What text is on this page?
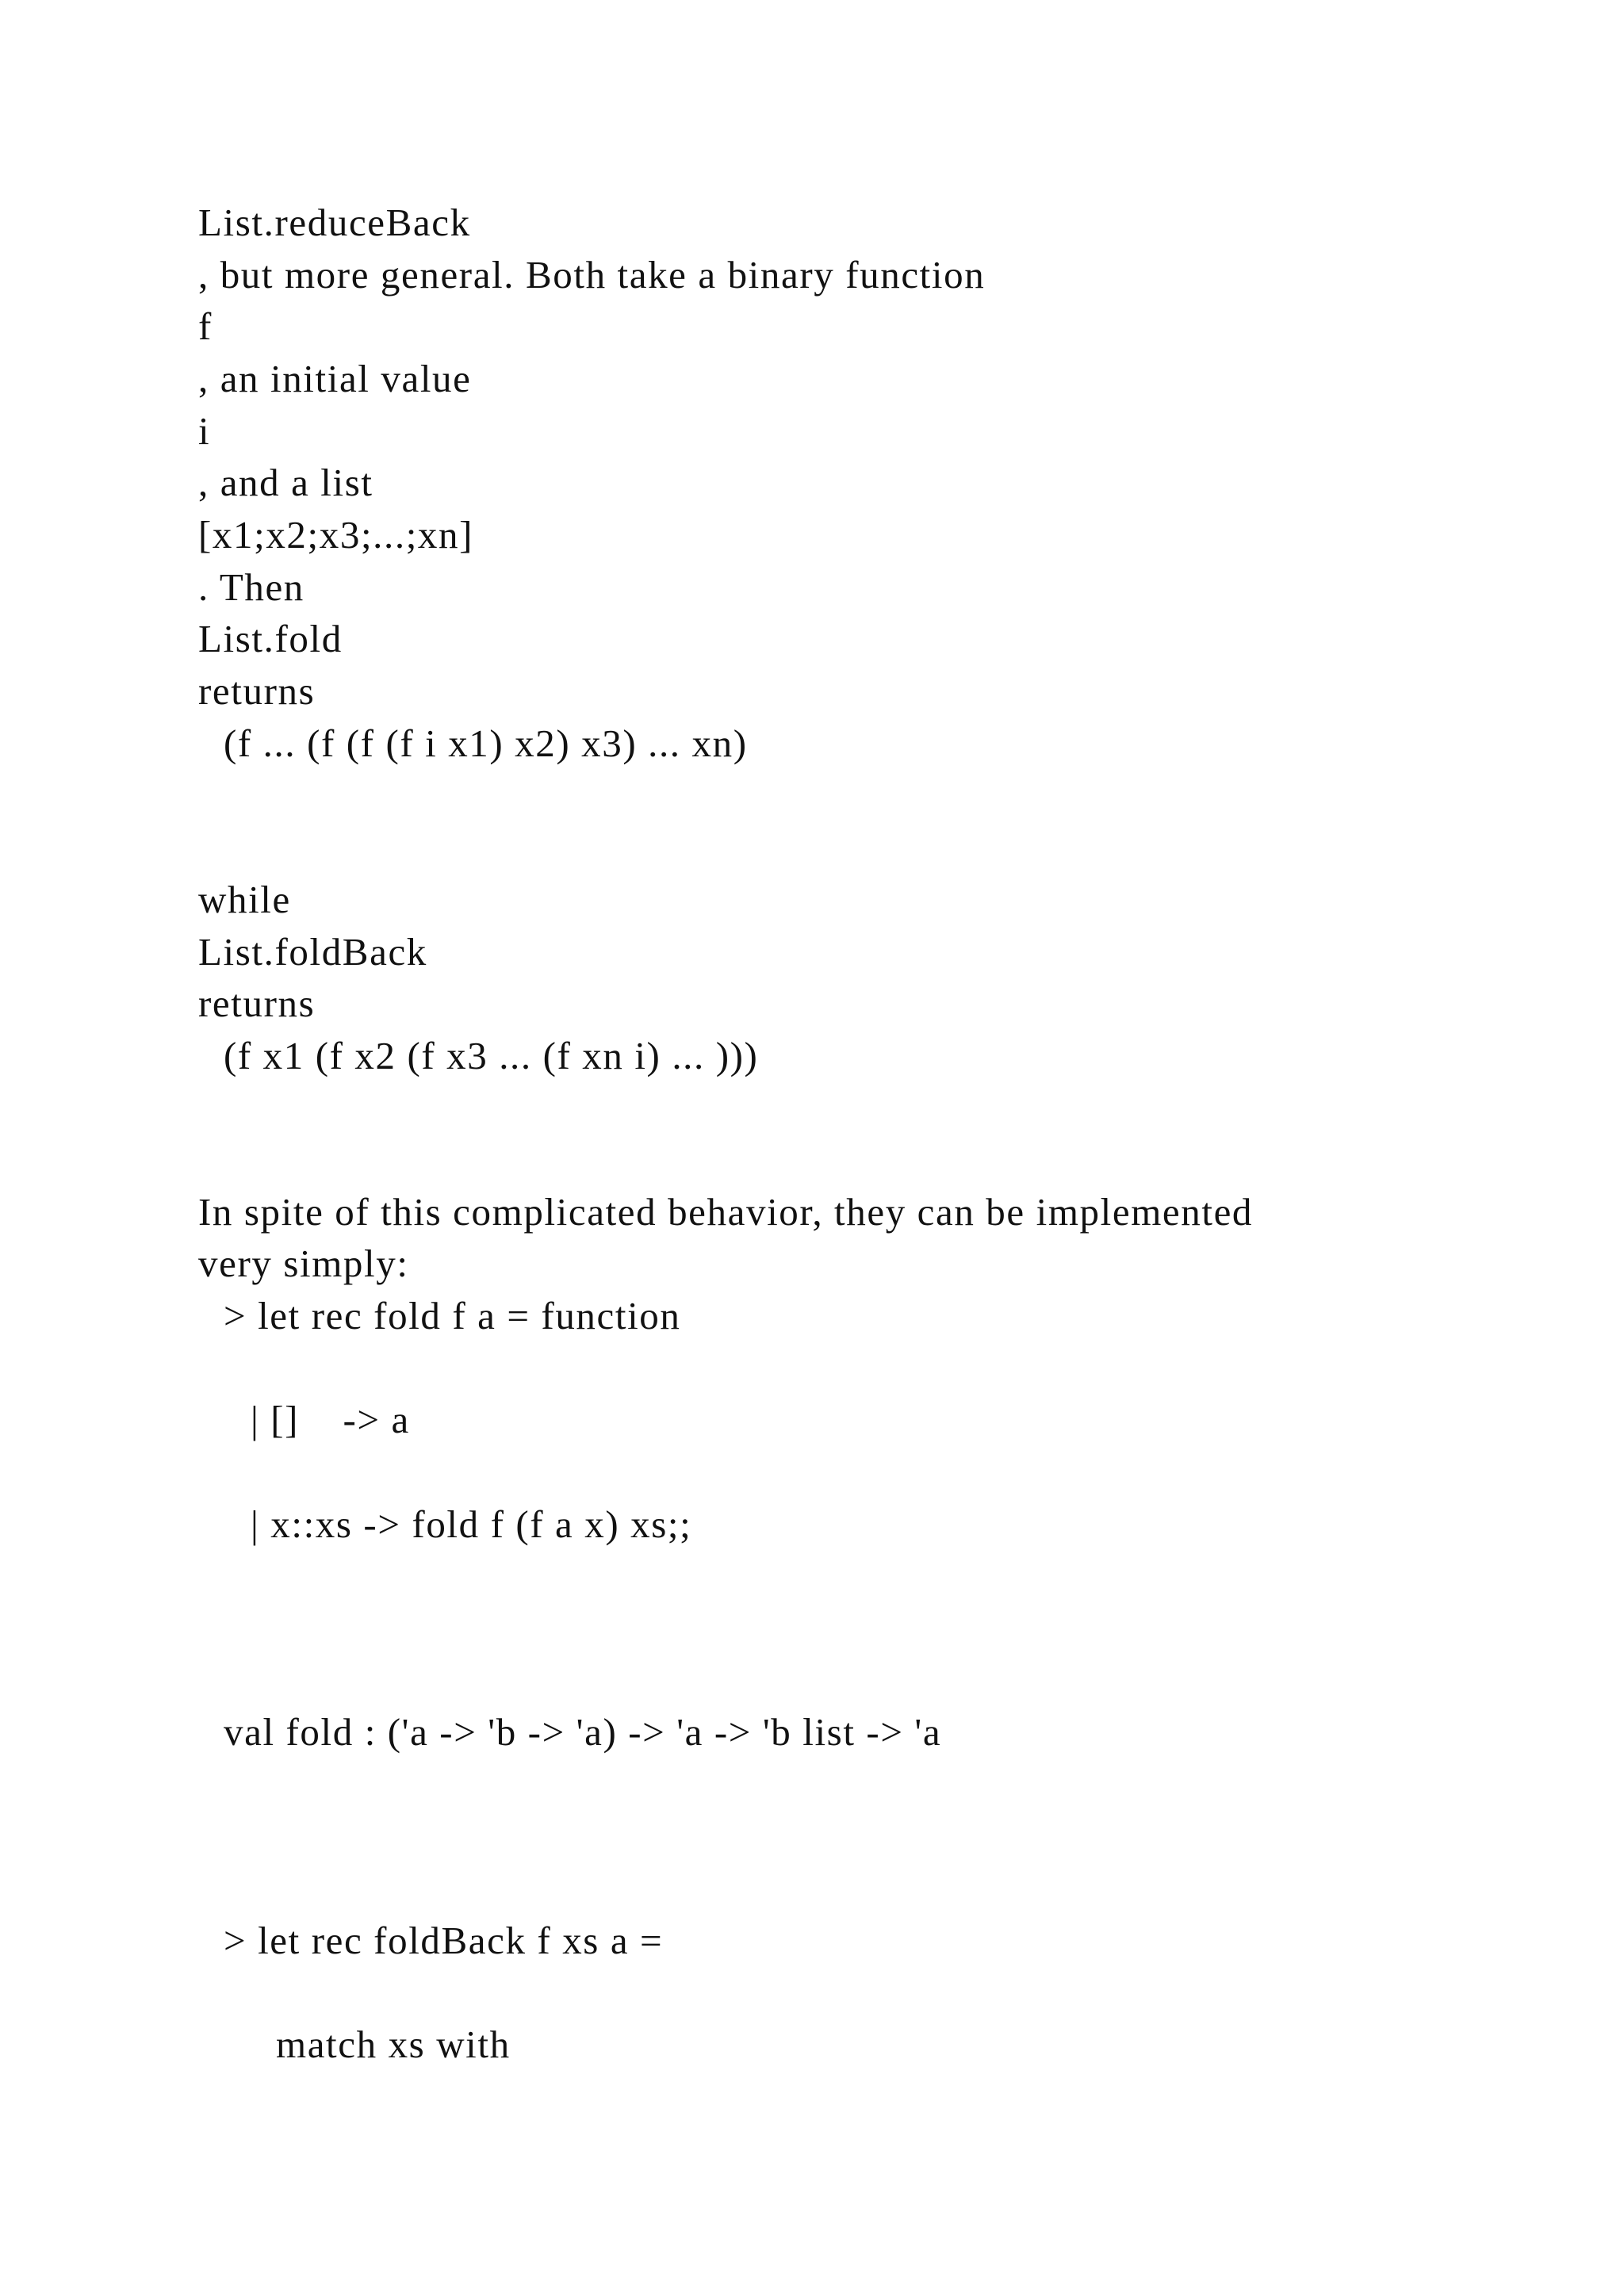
List.reduceBack
, but more general. Both take a binary function
f
, an initial value
i
, and a list
[x1;x2;x3;...;xn]
. Then
List.fold
returns
(f ... (f (f (f i x1) x2) x3) ... xn)
while
List.foldBack
returns
(f x1 (f x2 (f x3 ... (f xn i) ... )))
In spite of this complicated behavior, they can be implemented
very simply:
> let rec fold f a = function
| []    -> a
| x::xs -> fold f (f a x) xs;;
val fold : ('a -> 'b -> 'a) -> 'a -> 'b list -> 'a
> let rec foldBack f xs a =
match xs with
